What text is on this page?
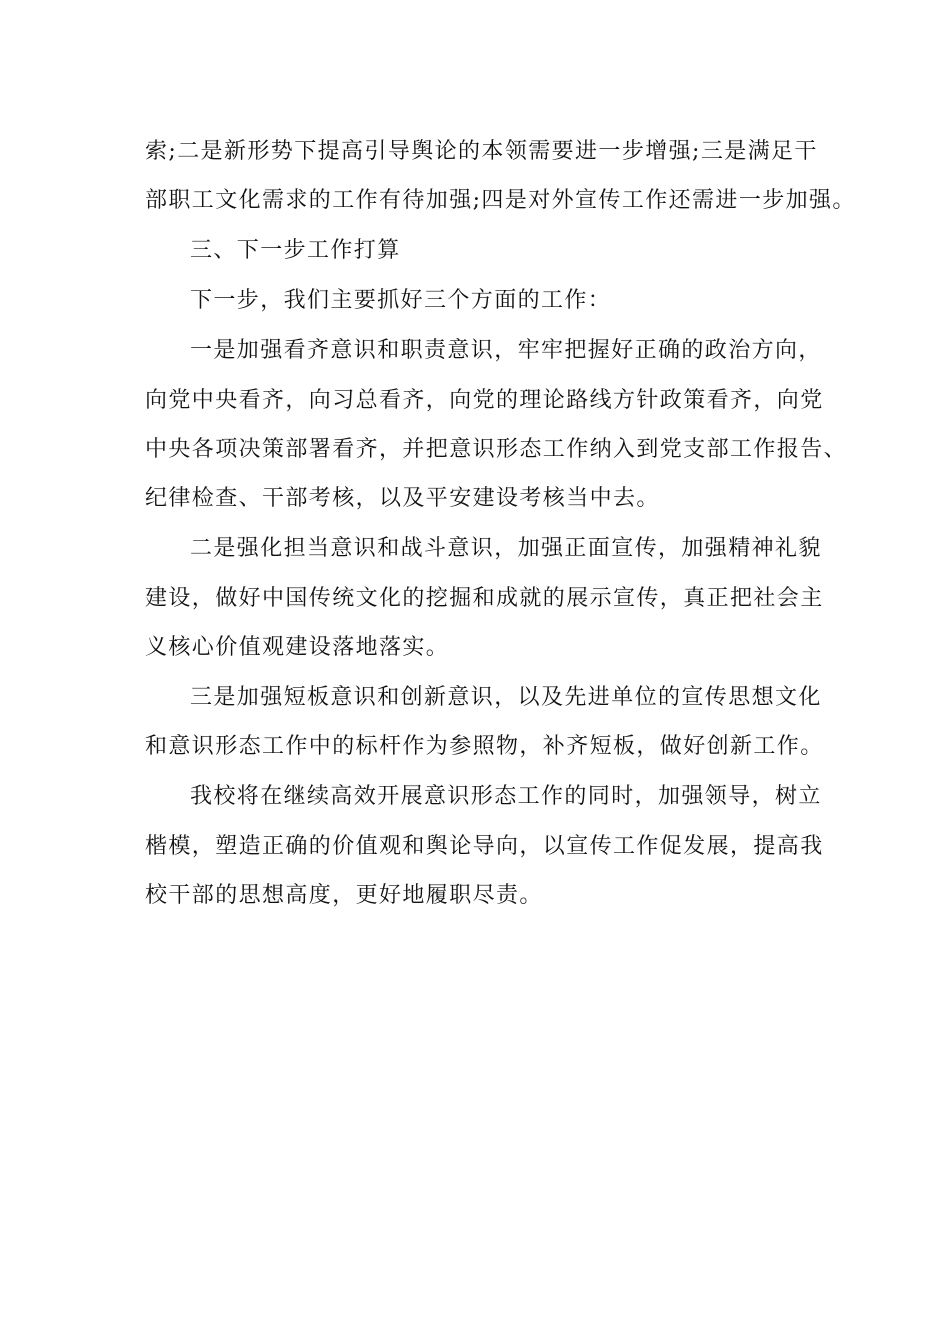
索;二是新形势下提高引导舆论的本领需要进一步增强;三是满足干
部职工文化需求的工作有待加强;四是对外宣传工作还需进一步加强。
三、下一步工作打算
下一步，我们主要抓好三个方面的工作：
一是加强看齐意识和职责意识，牢牢把握好正确的政治方向，
向党中央看齐，向习总看齐，向党的理论路线方针政策看齐，向党
中央各项决策部署看齐，并把意识形态工作纳入到党支部工作报告、
纪律检查、干部考核，以及平安建设考核当中去。
二是强化担当意识和战斗意识，加强正面宣传，加强精神礼貌
建设，做好中国传统文化的挖掘和成就的展示宣传，真正把社会主
义核心价值观建设落地落实。
三是加强短板意识和创新意识，以及先进单位的宣传思想文化
和意识形态工作中的标杆作为参照物，补齐短板，做好创新工作。
我校将在继续高效开展意识形态工作的同时，加强领导，树立
楷模，塑造正确的价值观和舆论导向，以宣传工作促发展，提高我
校干部的思想高度，更好地履职尽责。
